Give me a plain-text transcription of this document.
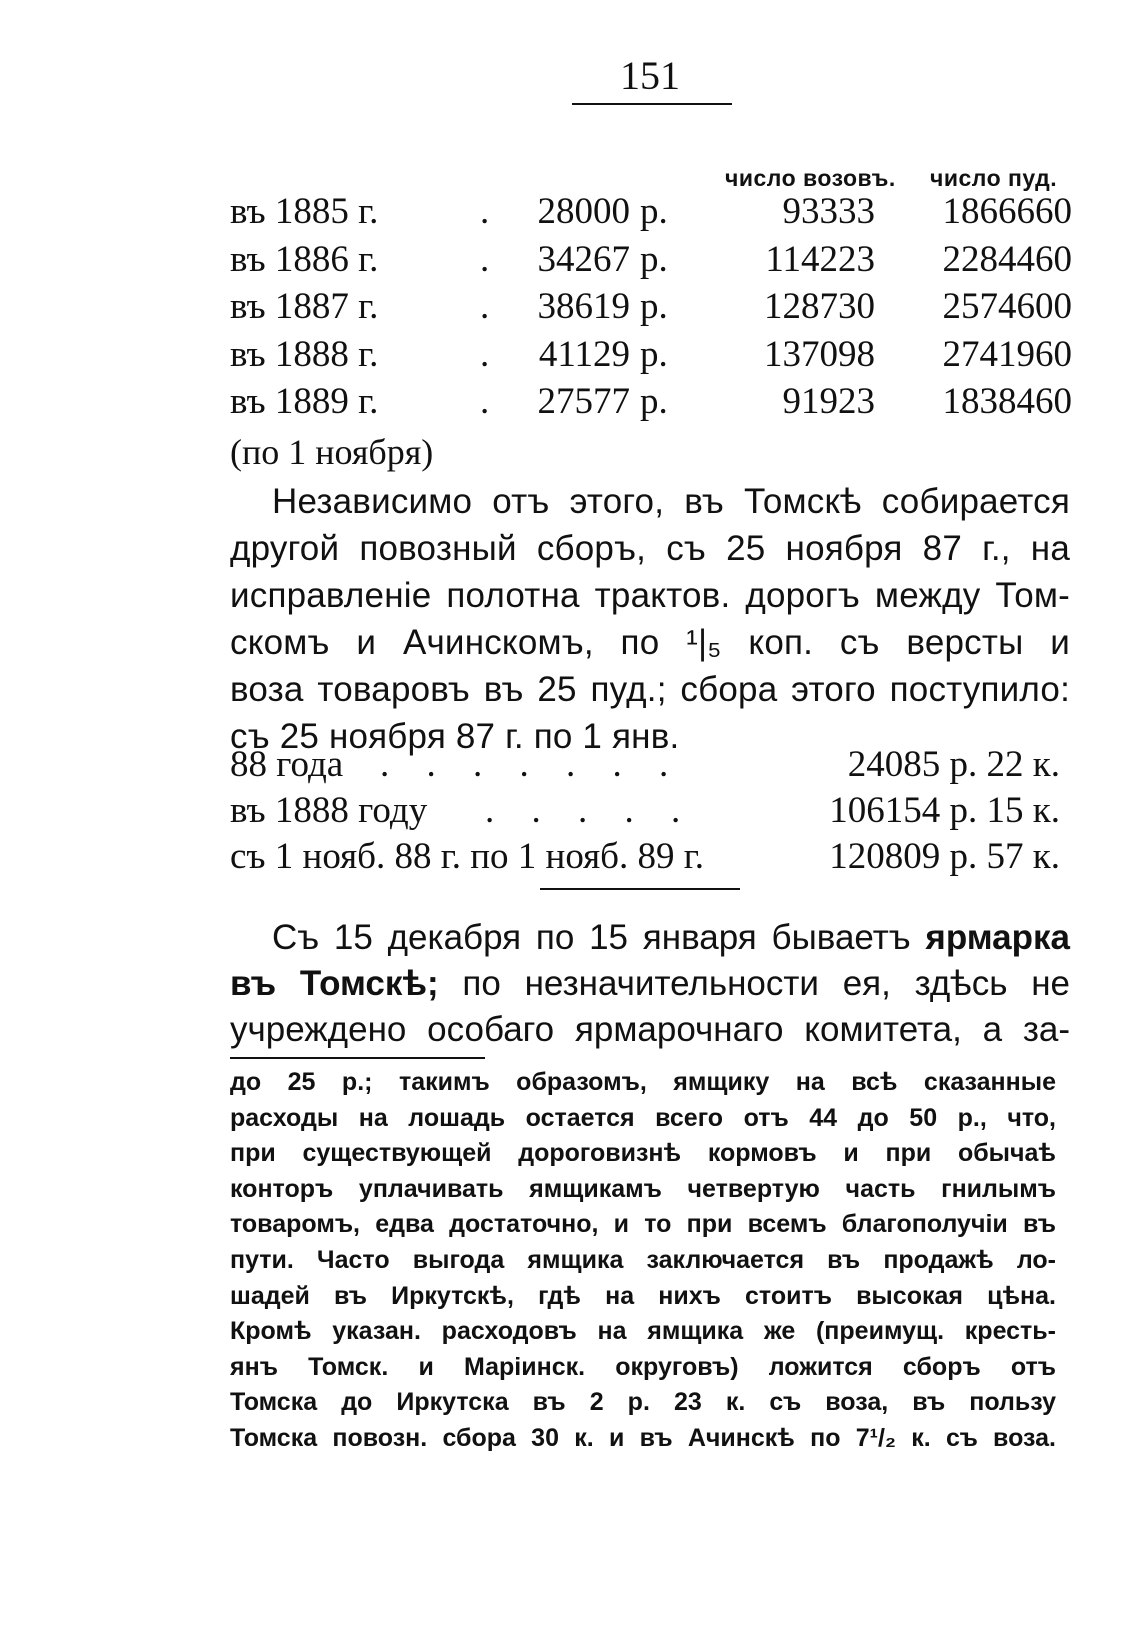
151
число возовъ. число пуд.
въ 1885 г.	. 28000 р.	93333 1866660
въ 1886 г.	. 34267 р.	114223 2284460
въ 1887 г.	. 38619 р.	128730 2574600
въ 1888 г.	. 41129 р.	137098 2741960
въ 1889 г.	. 27577 р.	91923 1838460
(по 1 ноября)
Независимо отъ этого, въ Томскѣ собирается
другой повозный сборъ, съ 25 ноября 87 г., на
исправленіе полотна трактов. дорогъ между Том-
скомъ и Ачинскомъ, по ¹|₅ коп. съ версты и
воза товаровъ въ 25 пуд.; сбора этого поступило:
съ 25 ноября 87 г. по 1 янв.
88 года . . . . . . .	24085 р. 22 к.
въ 1888 году . . . . .	106154 р. 15 к.
съ 1 нояб. 88 г. по 1 нояб. 89 г.	120809 р. 57 к.
Съ 15 декабря по 15 января бываетъ ярмарка
въ Томскѣ; по незначительности ея, здѣсь не
учреждено особаго ярмарочнаго комитета, а за-
до 25 р.; такимъ образомъ, ямщику на всѣ сказанные
расходы на лошадь остается всего отъ 44 до 50 р., что,
при существующей дороговизнѣ кормовъ и при обычаѣ
конторъ уплачивать ямщикамъ четвертую часть гнилымъ
товаромъ, едва достаточно, и то при всемъ благополучіи въ
пути. Часто выгода ямщика заключается въ продажѣ ло-
шадей въ Иркутскѣ, гдѣ на нихъ стоитъ высокая цѣна.
Кромѣ указан. расходовъ на ямщика же (преимущ. кресть-
янъ Томск. и Маріинск. округовъ) ложится сборъ отъ
Томска до Иркутска въ 2 р. 23 к. съ воза, въ пользу
Томска повозн. сбора 30 к. и въ Ачинскѣ по 7¹/₂ к. съ воза.
